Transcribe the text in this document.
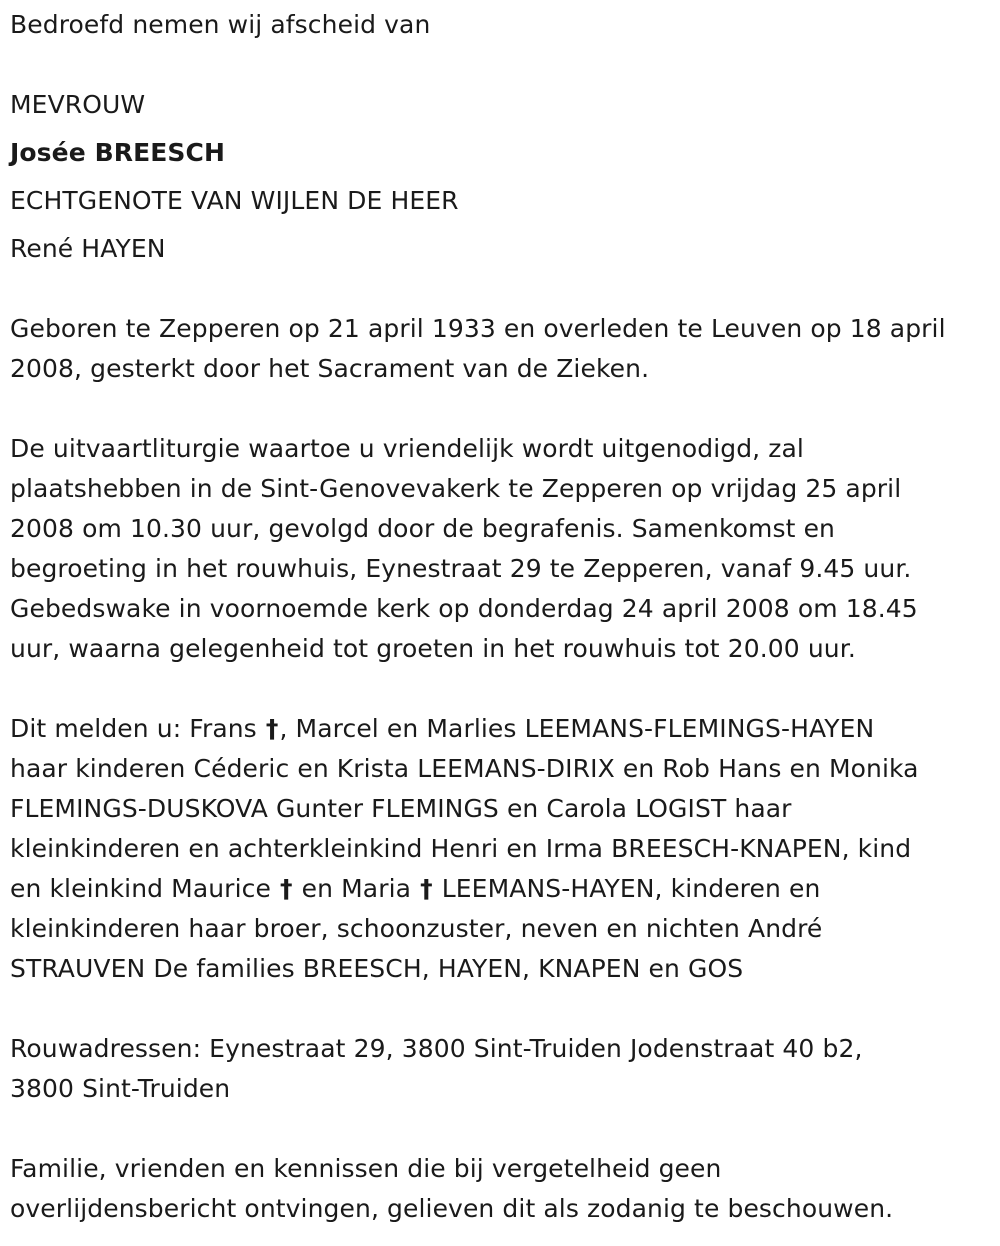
Bedroefd nemen wij afscheid van
MEVROUW
Josée BREESCH
ECHTGENOTE VAN WIJLEN DE HEER
René HAYEN
Geboren te Zepperen op 21 april 1933 en overleden te Leuven op 18 april
2008, gesterkt door het Sacrament van de Zieken.
De uitvaartliturgie waartoe u vriendelijk wordt uitgenodigd, zal
plaatshebben in de Sint-Genovevakerk te Zepperen op vrijdag 25 april
2008 om 10.30 uur, gevolgd door de begrafenis. Samenkomst en
begroeting in het rouwhuis, Eynestraat 29 te Zepperen, vanaf 9.45 uur.
Gebedswake in voornoemde kerk op donderdag 24 april 2008 om 18.45
uur, waarna gelegenheid tot groeten in het rouwhuis tot 20.00 uur.
Dit melden u: Frans †, Marcel en Marlies LEEMANS-FLEMINGS-HAYEN
haar kinderen Céderic en Krista LEEMANS-DIRIX en Rob Hans en Monika
FLEMINGS-DUSKOVA Gunter FLEMINGS en Carola LOGIST haar
kleinkinderen en achterkleinkind Henri en Irma BREESCH-KNAPEN, kind
en kleinkind Maurice † en Maria † LEEMANS-HAYEN, kinderen en
kleinkinderen haar broer, schoonzuster, neven en nichten André
STRAUVEN De families BREESCH, HAYEN, KNAPEN en GOS
Rouwadressen: Eynestraat 29, 3800 Sint-Truiden Jodenstraat 40 b2,
3800 Sint-Truiden
Familie, vrienden en kennissen die bij vergetelheid geen
overlijdensbericht ontvingen, gelieven dit als zodanig te beschouwen.
